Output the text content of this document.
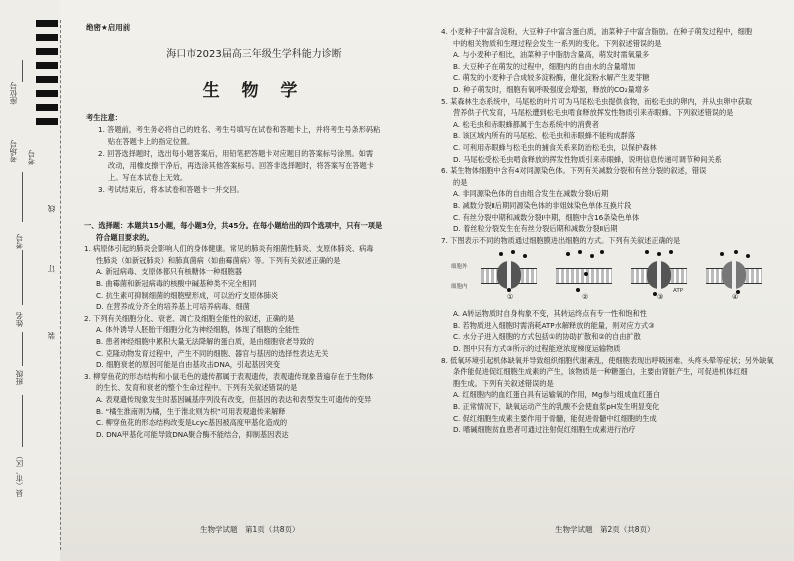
座位号
考场号 考号
考号
姓名
班级
县（市、区）
线
订
装
绝密★启用前
海口市2023届高三年级生学科能力诊断
生 物 学

考生注意：

1. 答题前，考生务必将自己的姓名、考生号填写在试卷和答题卡上，并将考生号条形码粘

贴在答题卡上的指定位置。

2. 回答选择题时，选出每小题答案后，用铅笔把答题卡对应题目的答案标号涂黑。如需

改动，用橡皮擦干净后，再选涂其他答案标号。回答非选择题时，将答案写在答题卡

上。写在本试卷上无效。

3. 考试结束后，将本试卷和答题卡一并交回。

一、选择题：本题共15小题，每小题3分，共45分。在每小题给出的四个选项中，只有一项是

符合题目要求的。

1. 病原体引起的肺炎会影响人们的身体健康。常见的肺炎有细菌性肺炎、支原体肺炎、病毒

性肺炎（如新冠肺炎）和肺真菌病（如曲霉菌病）等。下列有关叙述正确的是

A. 新冠病毒、支原体都只有核糖体一种细胞器

B. 曲霉菌和新冠病毒的核酸中碱基种类不完全相同

C. 抗生素可抑制细菌的细胞壁形成，可以治疗支原体肺炎

D. 在营养成分齐全的培养基上可培养病毒、细菌

2. 下列有关细胞分化、衰老、凋亡及细胞全能性的叙述，正确的是

A. 体外诱导人胚胎干细胞分化为神经细胞，体现了细胞的全能性

B. 患者神经细胞中累积大量无法降解的蛋白质，是由细胞衰老导致的

C. 克隆动物发育过程中，产生不同的细胞、器官与基因的选择性表达无关

D. 细胞衰老的原因可能是自由基攻击DNA，引起基因突变

3. 柳穿鱼花的形态结构和小鼠毛色的遗传都属于表观遗传，表观遗传现象普遍存在于生物体

的生长、发育和衰老的整个生命过程中。下列有关叙述错误的是

A. 表观遗传现象发生时基因碱基序列没有改变，但基因的表达和表型发生可遗传的变异

B. “橘生淮南则为橘，生于淮北则为枳”可用表观遗传来解释

C. 柳穿鱼花的形态结构改变是Lcyc基因被高度甲基化造成的

D. DNA甲基化可能导致DNA聚合酶不能结合，抑制基因表达

生物学试题　第1页（共8页）

4. 小麦种子中富含淀粉，大豆种子中富含蛋白质，油菜种子中富含脂肪。在种子萌发过程中，细胞

中的相关物质和生理过程会发生一系列的变化。下列叙述错误的是

A. 与小麦种子相比，油菜种子中脂肪含量高，萌发时需氧量多

B. 大豆种子在萌发的过程中，细胞内的自由水的含量增加

C. 萌发的小麦种子合成较多淀粉酶，催化淀粉水解产生麦芽糖

D. 种子萌发时，细胞有氧呼吸强度会增强，释放的CO₂量增多

5. 某森林生态系统中，马尾松的叶片可为马尾松毛虫提供食物，而松毛虫的卵内，并从虫卵中获取

营养供子代发育，马尾松遭到松毛虫啃食释放挥发性物质引来赤眼蜂。下列叙述错误的是

A. 松毛虫和赤眼蜂都属于生态系统中的消费者

B. 该区域内所有的马尾松、松毛虫和赤眼蜂不能构成群落

C. 可利用赤眼蜂与松毛虫的捕食关系来防治松毛虫，以保护森林

D. 马尾松受松毛虫啃食释放的挥发性物质引来赤眼蜂，说明信息传递可调节种间关系

6. 某生物体细胞中含有4对同源染色体。下列有关减数分裂和有丝分裂的叙述，错误

的是

A. 非同源染色体的自由组合发生在减数分裂Ⅰ后期

B. 减数分裂Ⅱ后期同源染色体的非姐妹染色单体互换片段

C. 有丝分裂中期和减数分裂Ⅰ中期，细胞中含16条染色单体

D. 着丝粒分裂发生在有丝分裂后期和减数分裂Ⅱ后期

7. 下图表示不同的物质通过细胞膜进出细胞的方式。下列有关叙述正确的是

细胞外
细胞内
①	②
ATP
③	④

A. A转运物质时自身构象不变，其转运终点有专一性和饱和性

B. 若物质进入细胞时需消耗ATP水解释放的能量，则对应方式③

C. 水分子进入细胞的方式包括①的协助扩散和②的自由扩散

D. 图中只有方式③所示的过程能逆浓度梯度运输物质

8. 低氧环境引起机体缺氧并导致组织细胞代谢紊乱，使细胞表现出呼吸困难、头疼头晕等症状；另外缺氧

条件能促进促红细胞生成素的产生，该物质是一种糖蛋白，主要由肾脏产生，可促进机体红细

胞生成。下列有关叙述错误的是

A. 红细胞内的血红蛋白具有运输氧的作用，Mg参与组成血红蛋白

B. 正常情况下，缺氧运动产生的乳酸不会使血浆pH发生明显变化

C. 促红细胞生成素主要作用于骨髓，能促进骨髓中红细胞的生成

D. 嗜碱细胞贫血患者可通过注射促红细胞生成素进行治疗

生物学试题　第2页（共8页）
